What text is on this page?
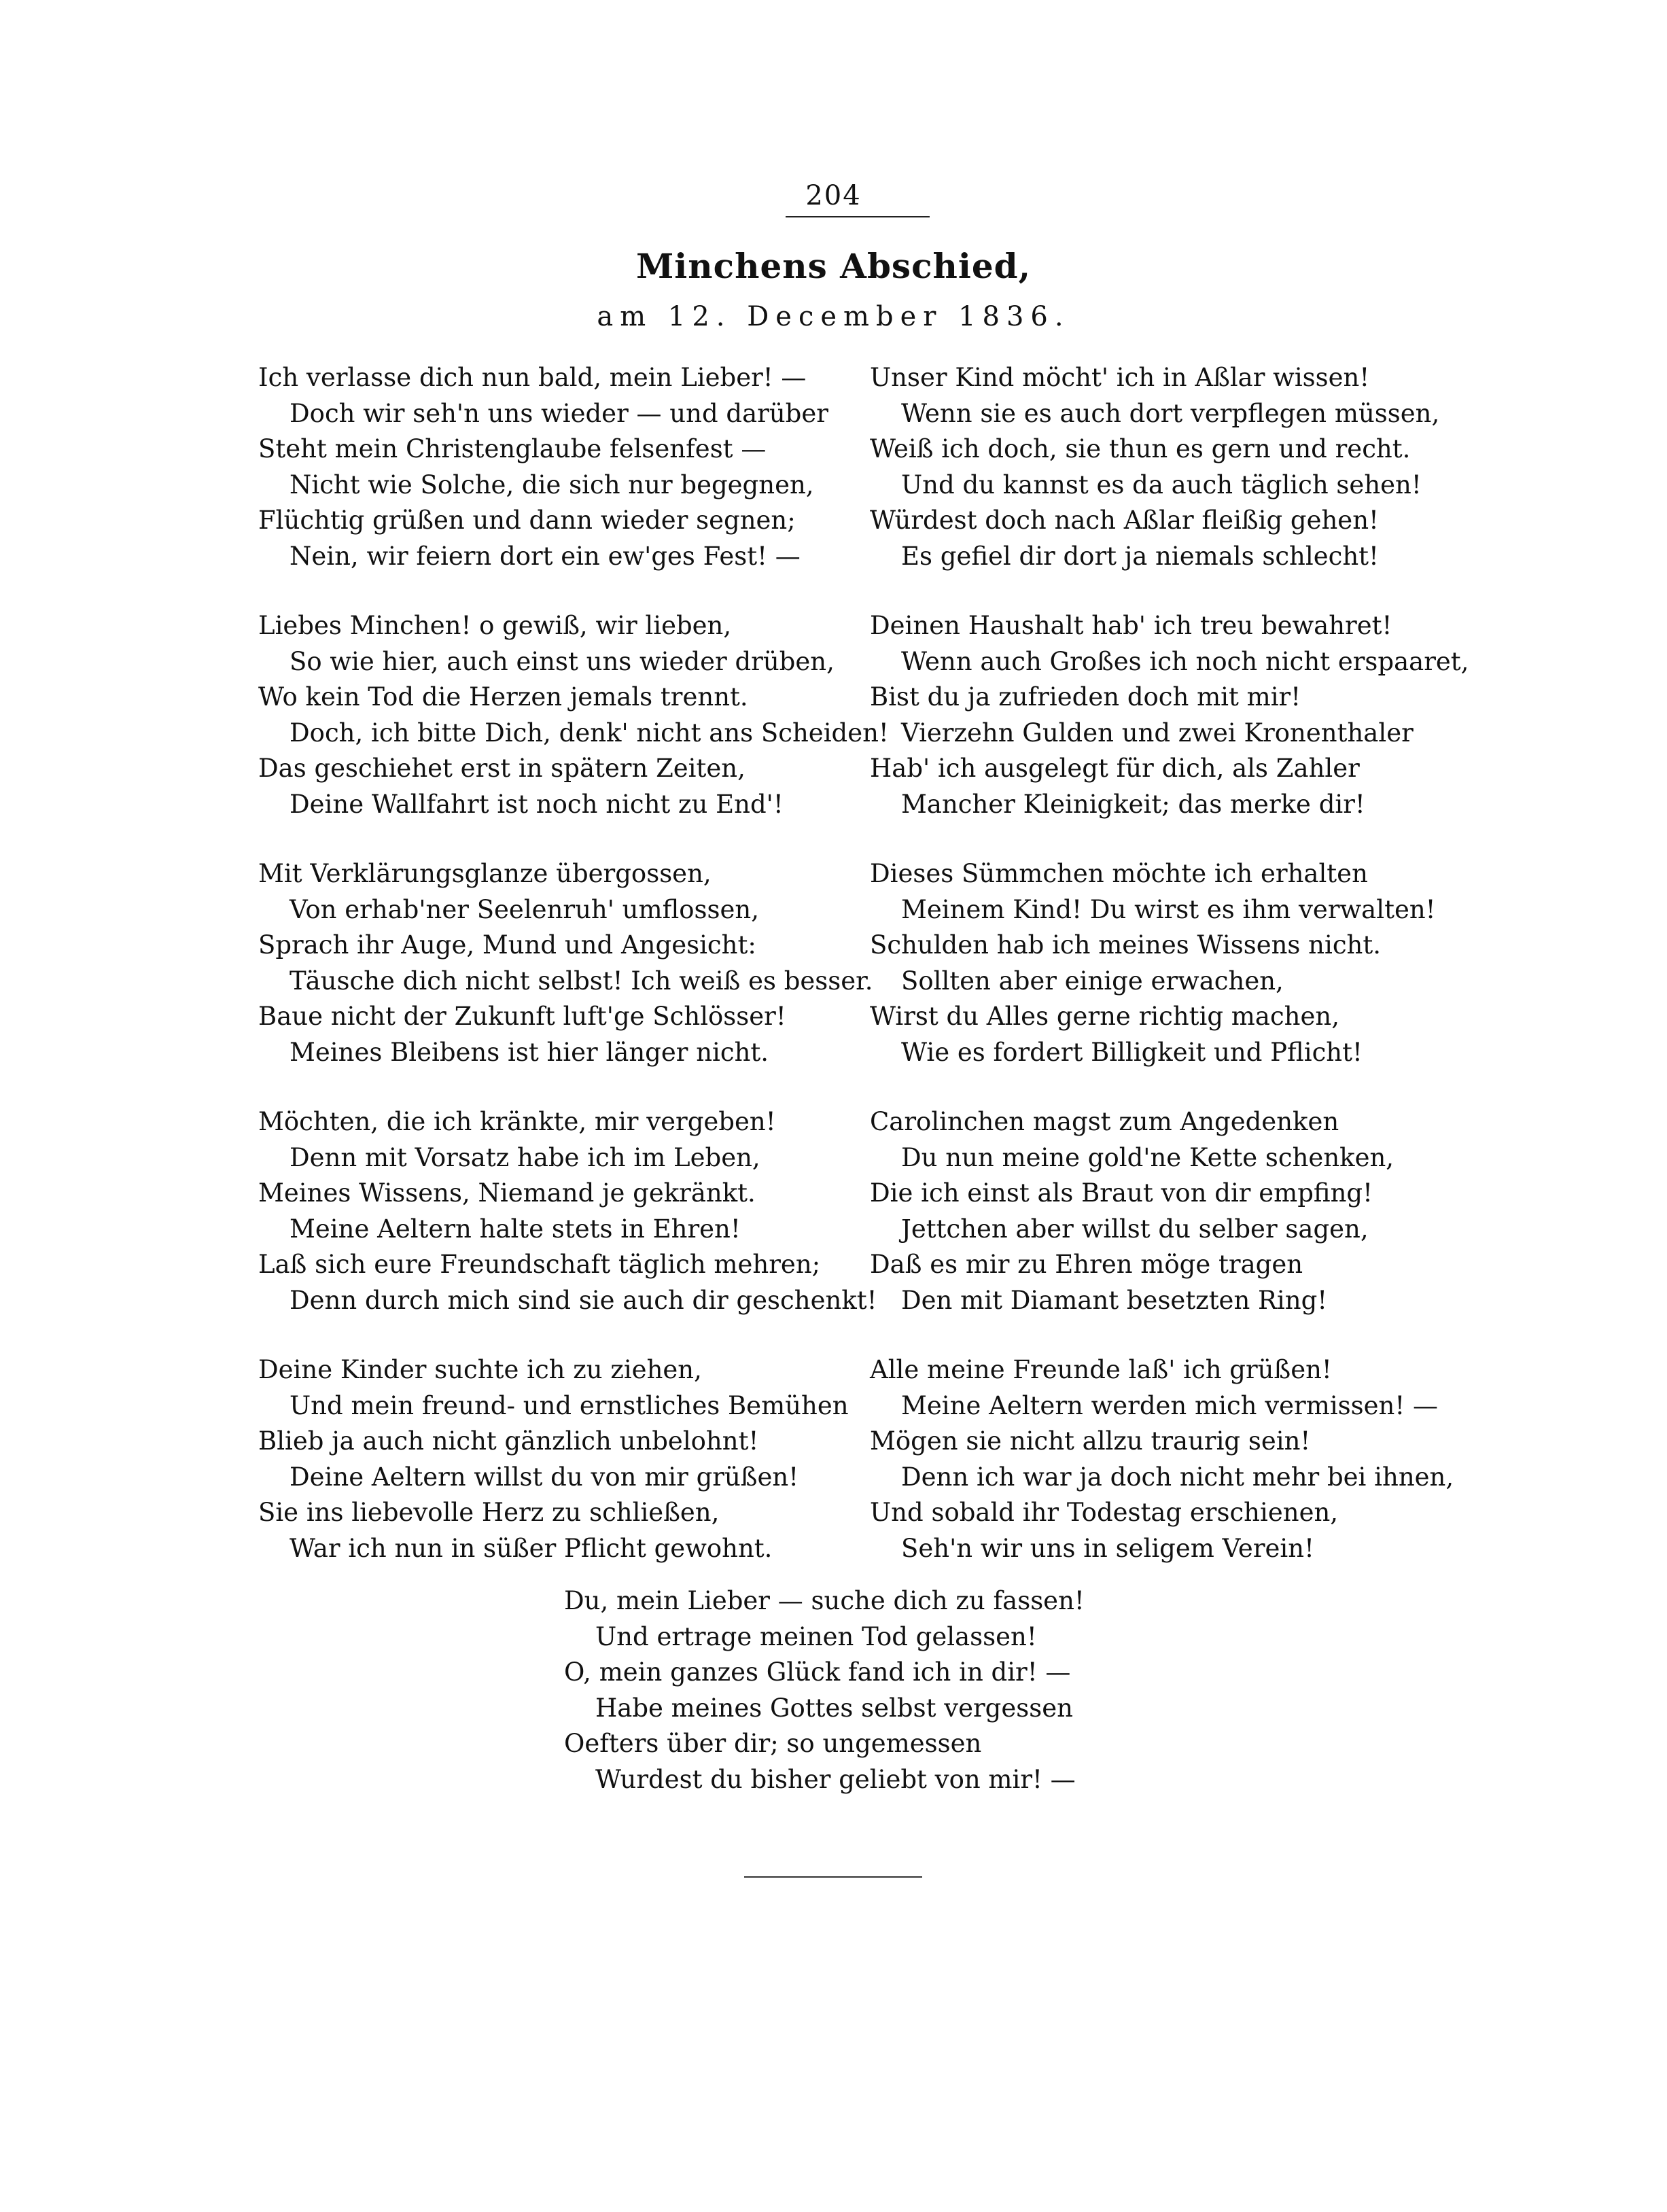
204
Minchens Abschied,
am 12. December 1836.
Ich verlasse dich nun bald, mein Lieber! —
Doch wir seh'n uns wieder — und darüber
Steht mein Christenglaube felsenfest —
Nicht wie Solche, die sich nur begegnen,
Flüchtig grüßen und dann wieder segnen;
Nein, wir feiern dort ein ew'ges Fest! —
Liebes Minchen! o gewiß, wir lieben,
So wie hier, auch einst uns wieder drüben,
Wo kein Tod die Herzen jemals trennt.
Doch, ich bitte Dich, denk' nicht ans Scheiden!
Das geschiehet erst in spätern Zeiten,
Deine Wallfahrt ist noch nicht zu End'!
Mit Verklärungsglanze übergossen,
Von erhab'ner Seelenruh' umflossen,
Sprach ihr Auge, Mund und Angesicht:
Täusche dich nicht selbst! Ich weiß es besser.
Baue nicht der Zukunft luft'ge Schlösser!
Meines Bleibens ist hier länger nicht.
Möchten, die ich kränkte, mir vergeben!
Denn mit Vorsatz habe ich im Leben,
Meines Wissens, Niemand je gekränkt.
Meine Aeltern halte stets in Ehren!
Laß sich eure Freundschaft täglich mehren;
Denn durch mich sind sie auch dir geschenkt!
Deine Kinder suchte ich zu ziehen,
Und mein freund- und ernstliches Bemühen
Blieb ja auch nicht gänzlich unbelohnt!
Deine Aeltern willst du von mir grüßen!
Sie ins liebevolle Herz zu schließen,
War ich nun in süßer Pflicht gewohnt.
Unser Kind möcht' ich in Aßlar wissen!
Wenn sie es auch dort verpflegen müssen,
Weiß ich doch, sie thun es gern und recht.
Und du kannst es da auch täglich sehen!
Würdest doch nach Aßlar fleißig gehen!
Es gefiel dir dort ja niemals schlecht!
Deinen Haushalt hab' ich treu bewahret!
Wenn auch Großes ich noch nicht erspaaret,
Bist du ja zufrieden doch mit mir!
Vierzehn Gulden und zwei Kronenthaler
Hab' ich ausgelegt für dich, als Zahler
Mancher Kleinigkeit; das merke dir!
Dieses Sümmchen möchte ich erhalten
Meinem Kind! Du wirst es ihm verwalten!
Schulden hab ich meines Wissens nicht.
Sollten aber einige erwachen,
Wirst du Alles gerne richtig machen,
Wie es fordert Billigkeit und Pflicht!
Carolinchen magst zum Angedenken
Du nun meine gold'ne Kette schenken,
Die ich einst als Braut von dir empfing!
Jettchen aber willst du selber sagen,
Daß es mir zu Ehren möge tragen
Den mit Diamant besetzten Ring!
Alle meine Freunde laß' ich grüßen!
Meine Aeltern werden mich vermissen! —
Mögen sie nicht allzu traurig sein!
Denn ich war ja doch nicht mehr bei ihnen,
Und sobald ihr Todestag erschienen,
Seh'n wir uns in seligem Verein!
Du, mein Lieber — suche dich zu fassen!
Und ertrage meinen Tod gelassen!
O, mein ganzes Glück fand ich in dir! —
Habe meines Gottes selbst vergessen
Oefters über dir; so ungemessen
Wurdest du bisher geliebt von mir! —
